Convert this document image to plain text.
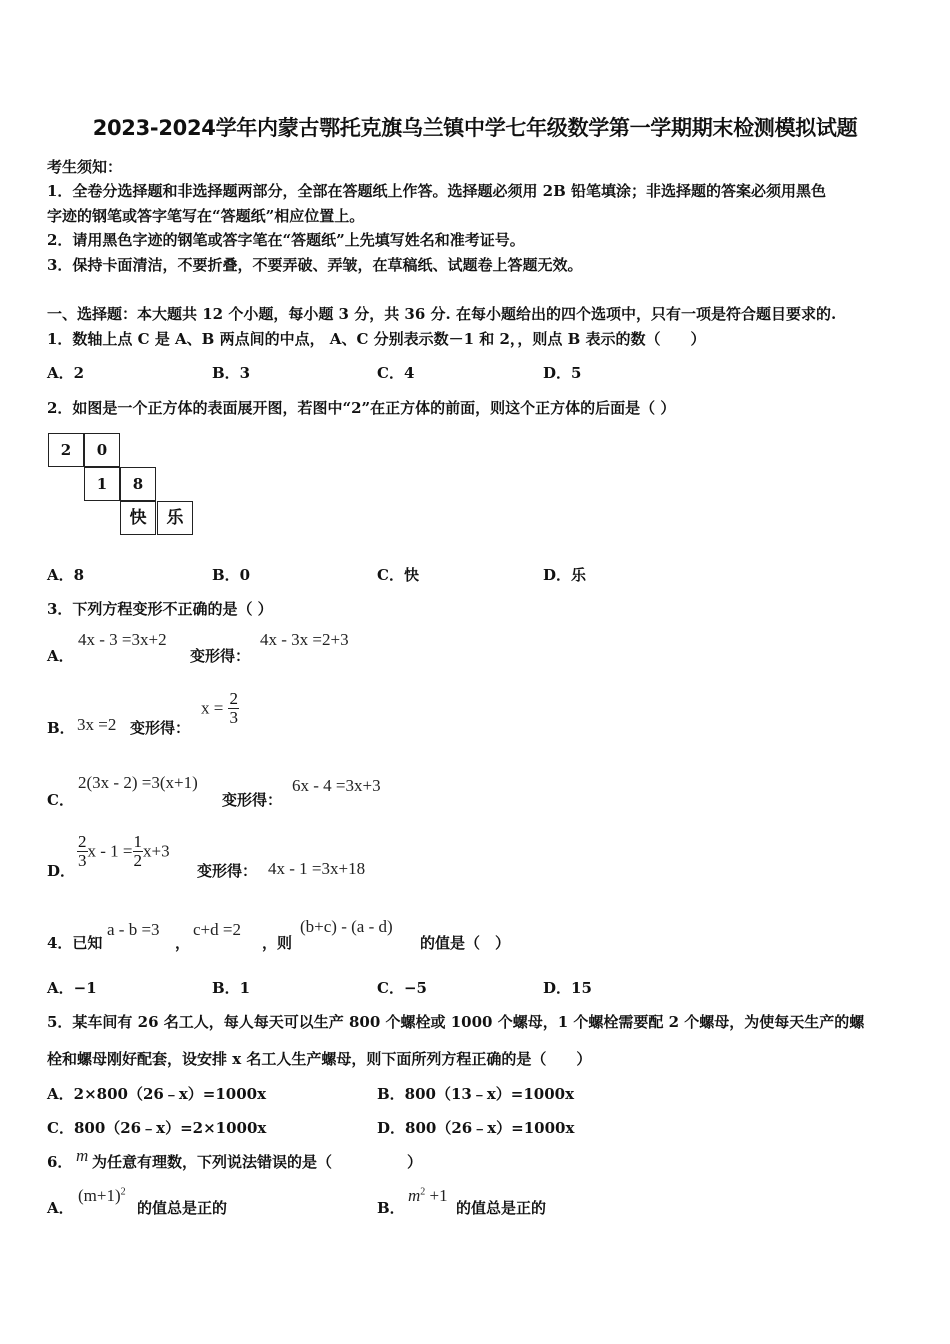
2023-2024学年内蒙古鄂托克旗乌兰镇中学七年级数学第一学期期末检测模拟试题
考生须知：
1．全卷分选择题和非选择题两部分，全部在答题纸上作答。选择题必须用 2B 铅笔填涂；非选择题的答案必须用黑色
字迹的钢笔或答字笔写在“答题纸”相应位置上。
2．请用黑色字迹的钢笔或答字笔在“答题纸”上先填写姓名和准考证号。
3．保持卡面清洁，不要折叠，不要弄破、弄皱，在草稿纸、试题卷上答题无效。
一、选择题：本大题共 12 个小题，每小题 3 分，共 36 分. 在每小题给出的四个选项中，只有一项是符合题目要求的.
1．数轴上点 C 是 A、B 两点间的中点， A、C 分别表示数－1 和 2，，则点 B 表示的数（　　）
A．2	B．3	C．4	D．5
2．如图是一个正方体的表面展开图，若图中“2”在正方体的前面，则这个正方体的后面是（ ）
2	0
1	8
快	乐
A．8	B．0	C．快	D．乐
3．下列方程变形不正确的是（ ）
A．
4x - 3 =3x+2
变形得：
4x - 3x =2+3
B． 3x =2 变形得：
$x = \frac{2}{3}$
C．
2(3x - 2) =3(x+1)
变形得：
6x - 4 =3x+3
D．
$\frac{2}{3}$ $x - 1 = \frac{1}{2} x+3$
变形得： 4x - 1 =3x+18
4．已知
a - b =3
，
c+d =2
，则
(b+c) - (a - d)
的值是（　）
A．−1	B．1	C．−5	D．15
5．某车间有 26 名工人，每人每天可以生产 800 个螺栓或 1000 个螺母，1 个螺栓需要配 2 个螺母，为使每天生产的螺
栓和螺母刚好配套，设安排 x 名工人生产螺母，则下面所列方程正确的是（　　）
A．2×800（26﹣x）=1000x	B．800（13﹣x）=1000x
C．800（26﹣x）=2×1000x	D．800（26﹣x）=1000x
6． m 为任意有理数，下列说法错误的是（　　　　　）
A．
$(m+1)^2$
的值总是正的	B．
$m^2 +1$
的值总是正的
